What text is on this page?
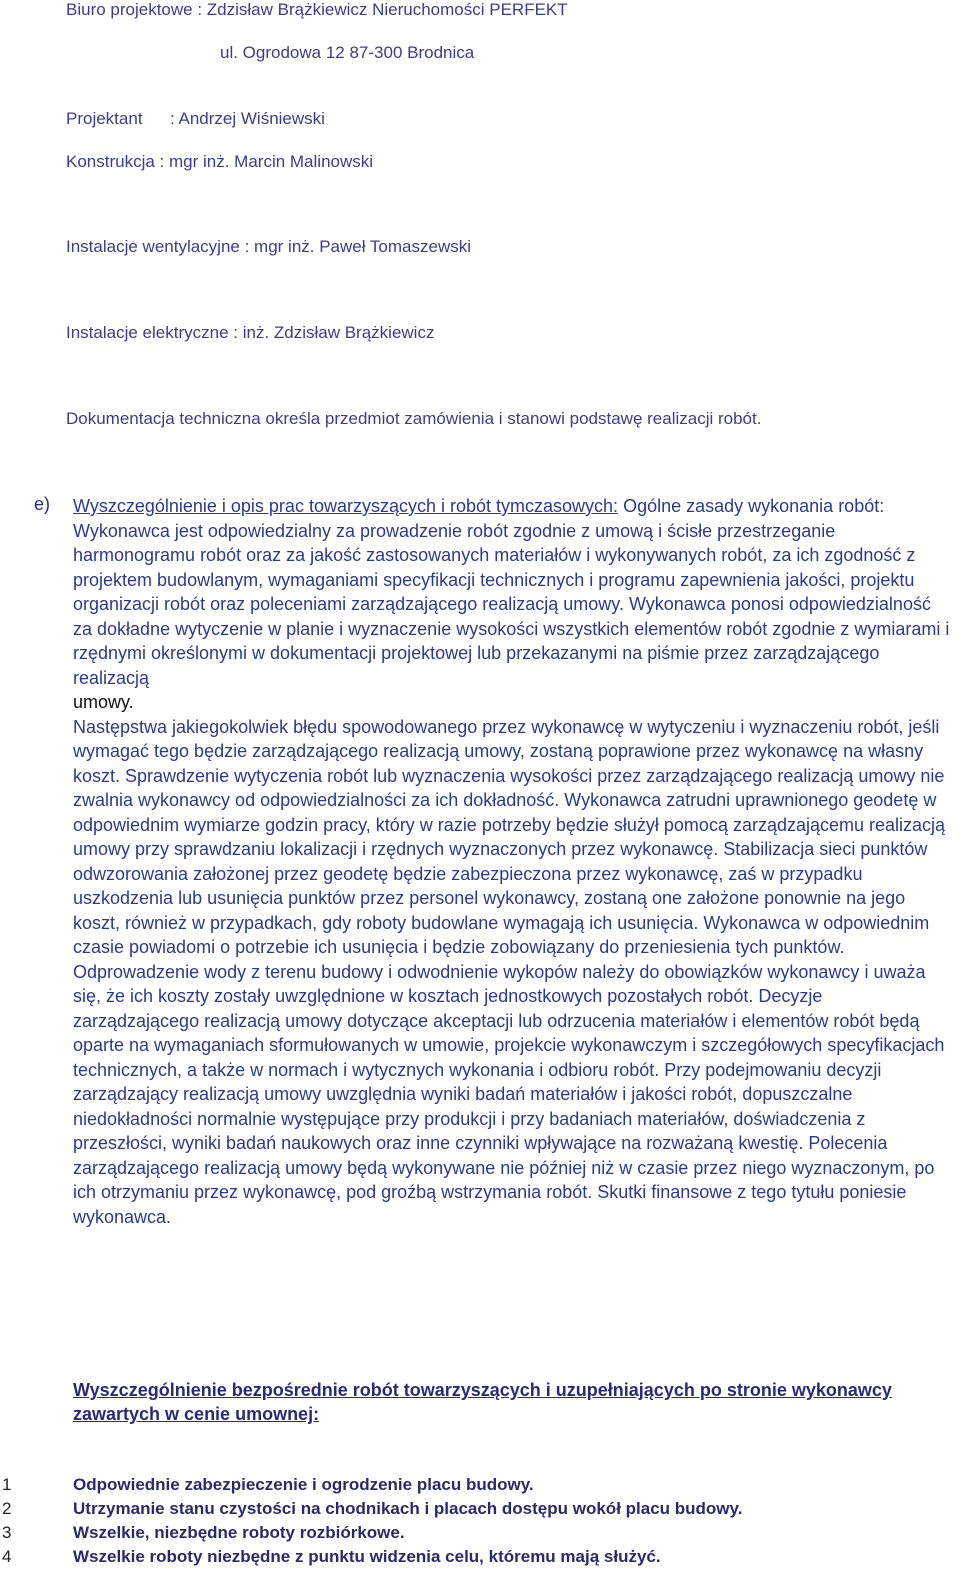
Biuro projektowe : Zdzisław Brążkiewicz Nieruchomości PERFEKT
ul. Ogrodowa 12 87-300 Brodnica
Projektant : Andrzej Wiśniewski
Konstrukcja : mgr inż. Marcin Malinowski
Instalacje wentylacyjne : mgr inż. Paweł Tomaszewski
Instalacje elektryczne : inż. Zdzisław Brążkiewicz
Dokumentacja techniczna określa przedmiot zamówienia i stanowi podstawę realizacji robót.
e) Wyszczególnienie i opis prac towarzyszących i robót tymczasowych: Ogólne zasady wykonania robót: Wykonawca jest odpowiedzialny za prowadzenie robót zgodnie z umową i ścisłe przestrzeganie harmonogramu robót oraz za jakość zastosowanych materiałów i wykonywanych robót, za ich zgodność z projektem budowlanym, wymaganiami specyfikacji technicznych i programu zapewnienia jakości, projektu organizacji robót oraz poleceniami zarządzającego realizacją umowy. Wykonawca ponosi odpowiedzialność za dokładne wytyczenie w planie i wyznaczenie wysokości wszystkich elementów robót zgodnie z wymiarami i rzędnymi określonymi w dokumentacji projektowej lub przekazanymi na piśmie przez zarządzającego realizacją
umowy.
Następstwa jakiegokolwiek błędu spowodowanego przez wykonawcę w wytyczeniu i wyznaczeniu robót, jeśli wymagać tego będzie zarządzającego realizacją umowy, zostaną poprawione przez wykonawcę na własny koszt. Sprawdzenie wytyczenia robót lub wyznaczenia wysokości przez zarządzającego realizacją umowy nie zwalnia wykonawcy od odpowiedzialności za ich dokładność. Wykonawca zatrudni uprawnionego geodetę w odpowiednim wymiarze godzin pracy, który w razie potrzeby będzie służył pomocą zarządzającemu realizacją umowy przy sprawdzaniu lokalizacji i rzędnych wyznaczonych przez wykonawcę. Stabilizacja sieci punktów odwzorowania założonej przez geodetę będzie zabezpieczona przez wykonawcę, zaś w przypadku uszkodzenia lub usunięcia punktów przez personel wykonawcy, zostaną one założone ponownie na jego koszt, również w przypadkach, gdy roboty budowlane wymagają ich usunięcia. Wykonawca w odpowiednim czasie powiadomi o potrzebie ich usunięcia i będzie zobowiązany do przeniesienia tych punktów. Odprowadzenie wody z terenu budowy i odwodnienie wykopów należy do obowiązków wykonawcy i uważa się, że ich koszty zostały uwzględnione w kosztach jednostkowych pozostałych robót. Decyzje zarządzającego realizacją umowy dotyczące akceptacji lub odrzucenia materiałów i elementów robót będą oparte na wymaganiach sformułowanych w umowie, projekcie wykonawczym i szczegółowych specyfikacjach technicznych, a także w normach i wytycznych wykonania i odbioru robót. Przy podejmowaniu decyzji zarządzający realizacją umowy uwzględnia wyniki badań materiałów i jakości robót, dopuszczalne niedokładności normalnie występujące przy produkcji i przy badaniach materiałów, doświadczenia z przeszłości, wyniki badań naukowych oraz inne czynniki wpływające na rozważaną kwestię. Polecenia zarządzającego realizacją umowy będą wykonywane nie później niż w czasie przez niego wyznaczonym, po ich otrzymaniu przez wykonawcę, pod groźbą wstrzymania robót. Skutki finansowe z tego tytułu poniesie wykonawca.
Wyszczególnienie bezpośrednie robót towarzyszących i uzupełniających po stronie wykonawcy zawartych w cenie umownej:
1	Odpowiednie zabezpieczenie i ogrodzenie placu budowy.
2	Utrzymanie stanu czystości na chodnikach i placach dostępu wokół placu budowy.
3	Wszelkie, niezbędne roboty rozbiórkowe.
4	Wszelkie roboty niezbędne z punktu widzenia celu, któremu mają służyć.
